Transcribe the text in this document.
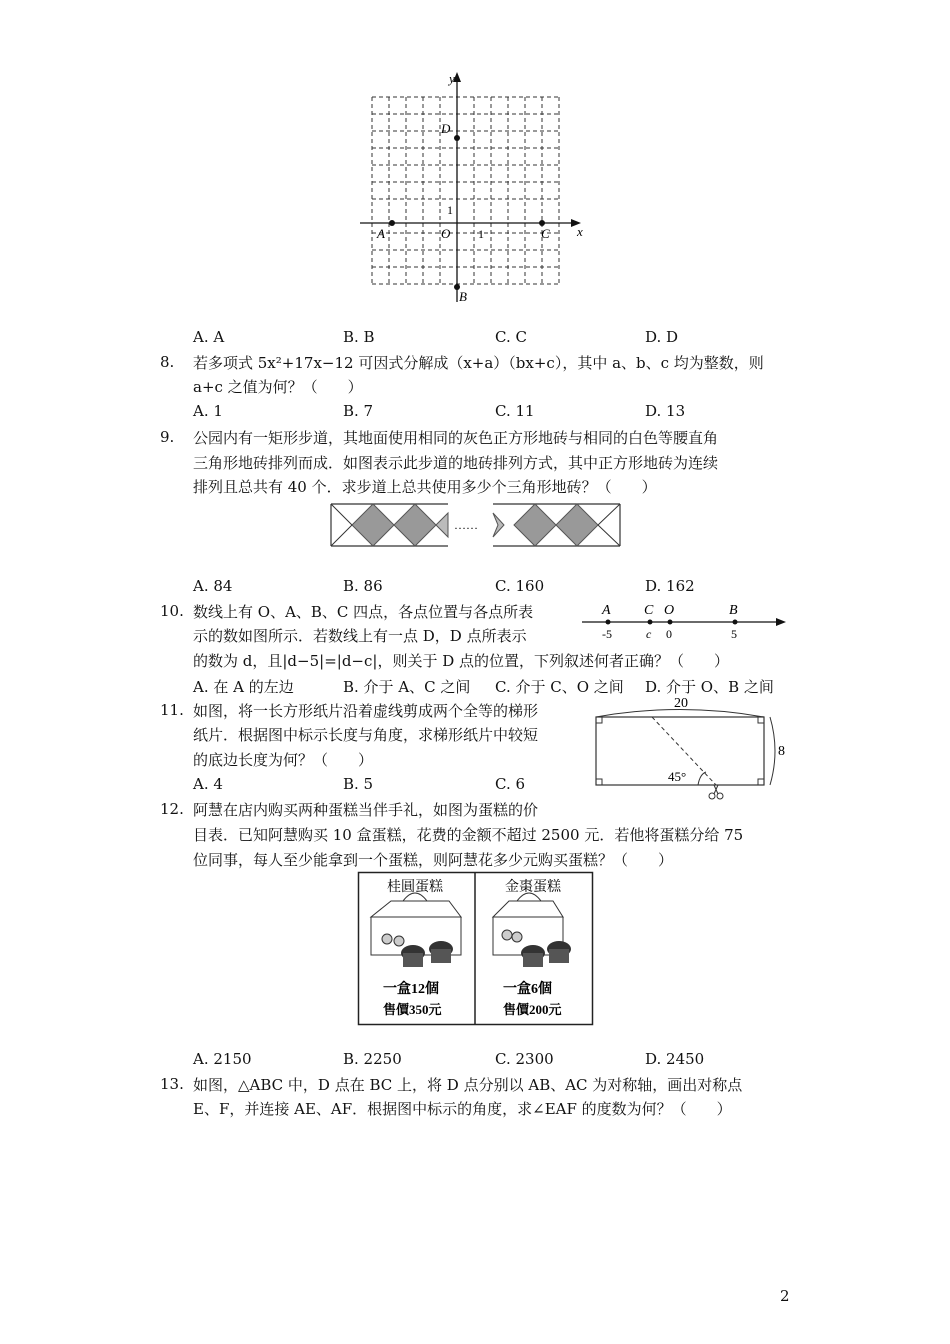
y
x
O 1
1
A
B
C
D
A. A	B. B	C. C	D. D
8. 若多项式 5x²+17x−12 可因式分解成（x+a）（bx+c），其中 a、b、c 均为整数，则
a+c 之值为何？（　　）
A. 1	B. 7	C. 11	D. 13
9. 公园内有一矩形步道，其地面使用相同的灰色正方形地砖与相同的白色等腰直角
三角形地砖排列而成．如图表示此步道的地砖排列方式，其中正方形地砖为连续
排列且总共有 40 个．求步道上总共使用多少个三角形地砖？（　　）
……
A. 84	B. 86	C. 160	D. 162
10. 数线上有 O、A、B、C 四点，各点位置与各点所表
示的数如图所示．若数线上有一点 D，D 点所表示
的数为 d，且|d−5|=|d−c|，则关于 D 点的位置，下列叙述何者正确？（　　）
A C O	B
-5	c 0	5
A. 在 A 的左边	B. 介于 A、C 之间 C. 介于 C、O 之间 D. 介于 O、B 之间
11. 如图，将一长方形纸片沿着虚线剪成两个全等的梯形
纸片．根据图中标示长度与角度，求梯形纸片中较短
的底边长度为何？（　　）
20
8
45°
A. 4	B. 5	C. 6
12. 阿慧在店内购买两种蛋糕当伴手礼，如图为蛋糕的价
目表．已知阿慧购买 10 盒蛋糕，花费的金额不超过 2500 元．若他将蛋糕分给 75
位同事，每人至少能拿到一个蛋糕，则阿慧花多少元购买蛋糕？（　　）
桂圓蛋糕
一盒12個
售價350元
金棗蛋糕
一盒6個
售價200元
A. 2150	B. 2250	C. 2300	D. 2450
13. 如图，△ABC 中，D 点在 BC 上，将 D 点分别以 AB、AC 为对称轴，画出对称点
E、F，并连接 AE、AF．根据图中标示的角度，求∠EAF 的度数为何？（　　）
2
